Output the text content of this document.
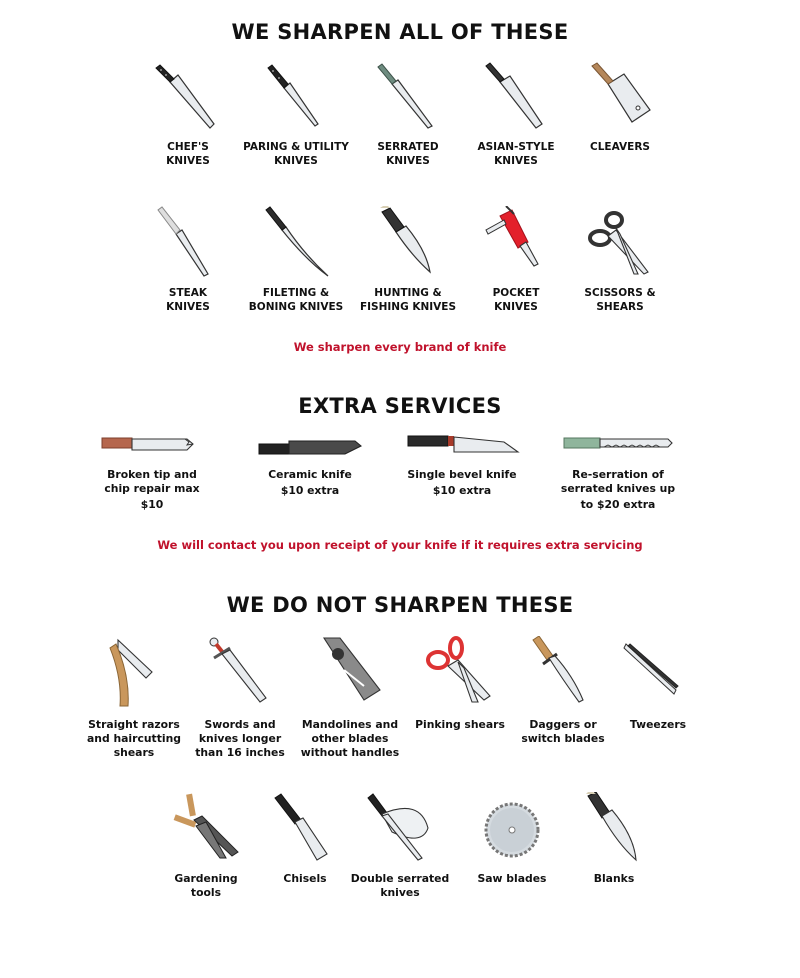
WE SHARPEN ALL OF THESE
CHEF'S
KNIVES
PARING & UTILITY
KNIVES
SERRATED
KNIVES
ASIAN-STYLE
KNIVES
CLEAVERS
STEAK
KNIVES
FILETING &
BONING KNIVES
HUNTING &
FISHING KNIVES
POCKET
KNIVES
SCISSORS &
SHEARS
We sharpen every brand of knife
EXTRA SERVICES
Broken tip and
chip repair max
$10
Ceramic knife
$10 extra
Single bevel knife
$10 extra
Re-serration of
serrated knives up
to $20 extra
We will contact you upon receipt of your knife if it requires extra servicing
WE DO NOT SHARPEN THESE
Straight razors
and haircutting
shears
Swords and
knives longer
than 16 inches
Mandolines and
other blades
without handles
Pinking shears	Daggers or
switch blades
Tweezers
Gardening
tools
Chisels Double serrated
knives
Saw blades	Blanks
